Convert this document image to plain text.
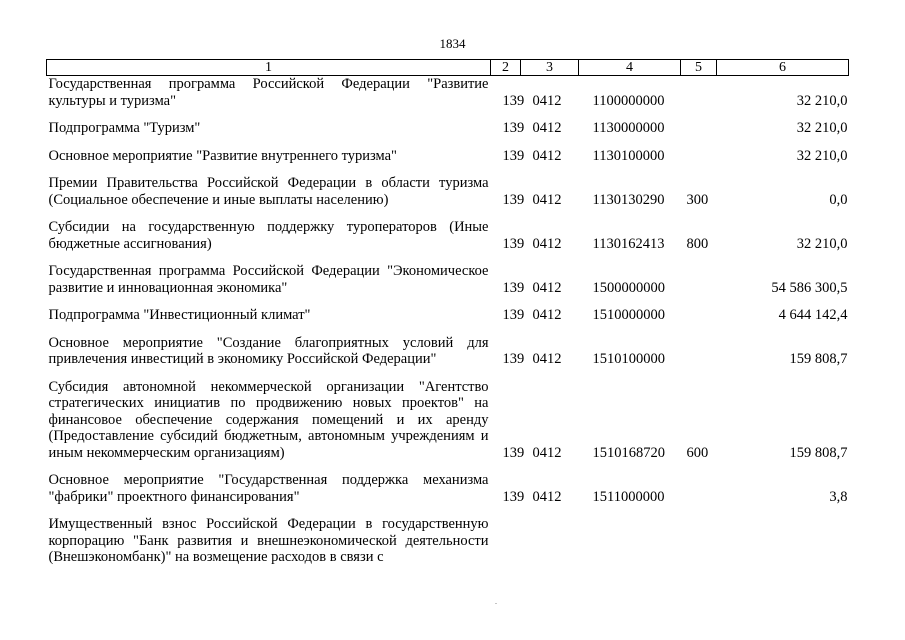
1834
1	2	3	4	5	6
Государственная программа Российской Федерации "Развитие культуры и туризма"	139	0412	1100000000		32 210,0
Подпрограмма "Туризм"	139	0412	1130000000		32 210,0
Основное мероприятие "Развитие внутреннего туризма"	139	0412	1130100000		32 210,0
Премии Правительства Российской Федерации в области туризма (Социальное обеспечение и иные выплаты населению)	139	0412	1130130290	300	0,0
Субсидии на государственную поддержку туроператоров (Иные бюджетные ассигнования)	139	0412	1130162413	800	32 210,0
Государственная программа Российской Федерации "Экономическое развитие и инновационная экономика"	139	0412	1500000000		54 586 300,5
Подпрограмма "Инвестиционный климат"	139	0412	1510000000		4 644 142,4
Основное мероприятие "Создание благоприятных условий для привлечения инвестиций в экономику Российской Федерации"	139	0412	1510100000		159 808,7
Субсидия автономной некоммерческой организации "Агентство стратегических инициатив по продвижению новых проектов" на финансовое обеспечение содержания помещений и их аренду (Предоставление субсидий бюджетным, автономным учреждениям и иным некоммерческим организациям)	139	0412	1510168720	600	159 808,7
Основное мероприятие "Государственная поддержка механизма "фабрики" проектного финансирования"	139	0412	1511000000		3,8
Имущественный взнос Российской Федерации в государственную корпорацию "Банк развития и внешнеэкономической деятельности (Внешэкономбанк)" на возмещение расходов в связи с					
.
